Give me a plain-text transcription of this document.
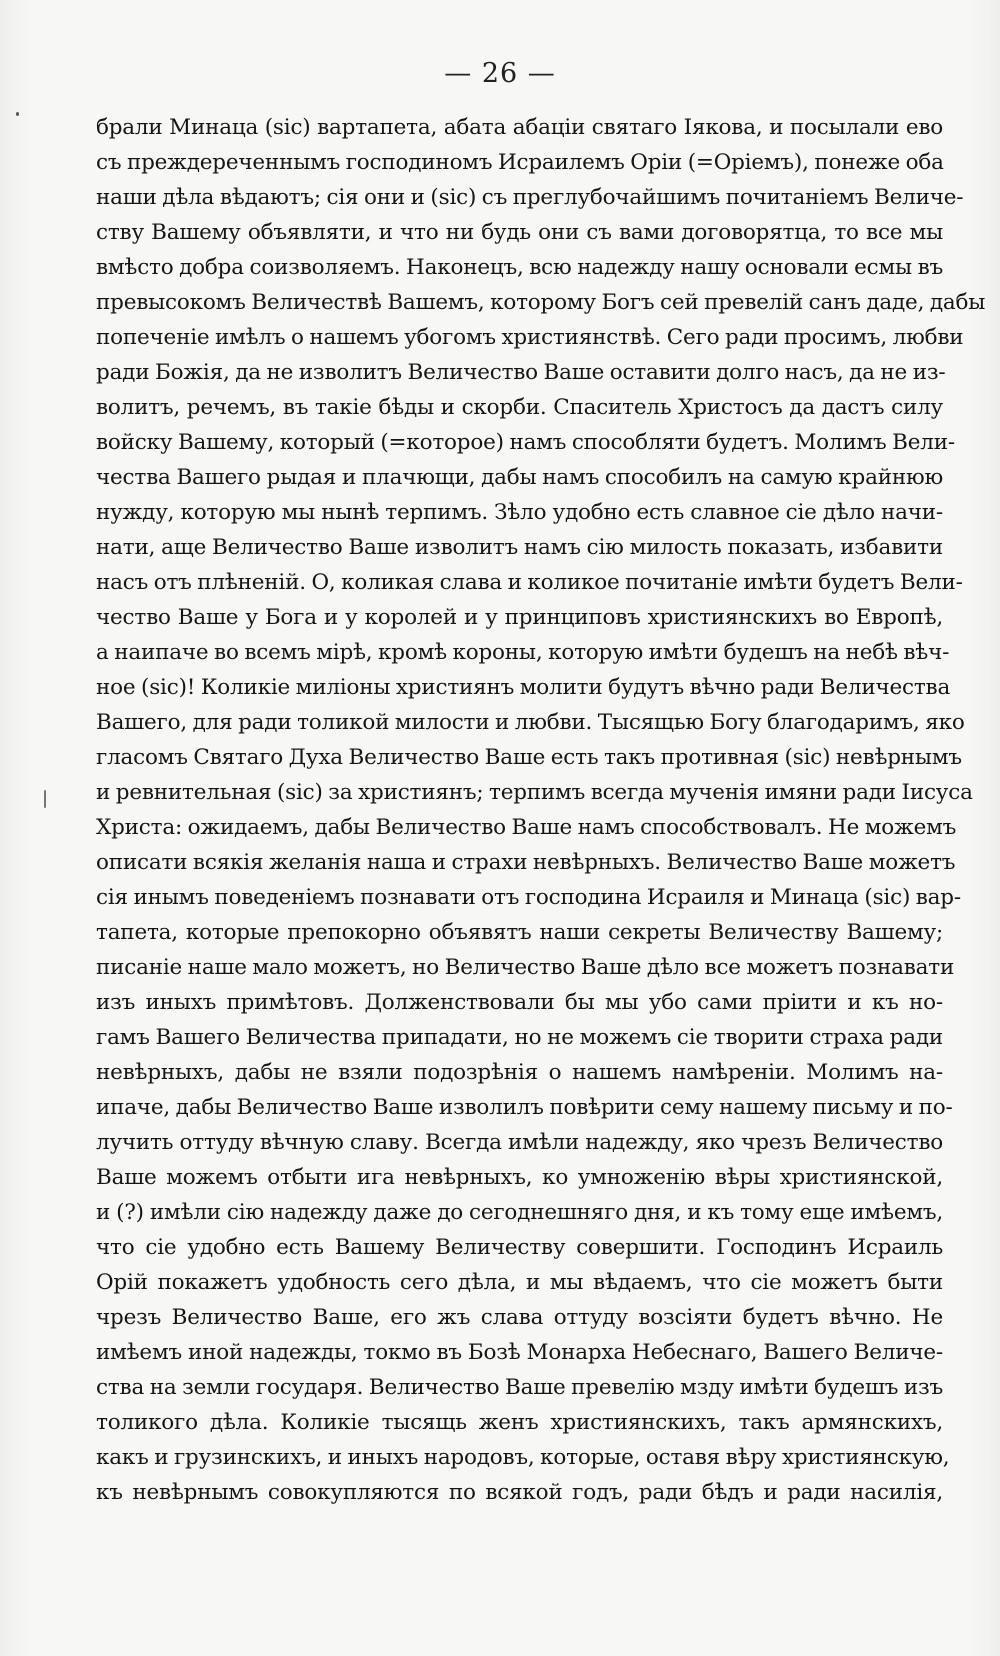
— 26 —
брали Минаца (sic) вартапета, абата абацiи святаго Iякова, и посылали ево
съ преждереченнымъ господиномъ Исраилемъ Орiи (=Орiемъ), понеже оба
наши дѣла вѣдаютъ; сiя они и (sic) съ преглубочайшимъ почитанiемъ Величе-
ству Вашему объявляти, и что ни будь они съ вами договорятца, то все мы
вмѣсто добра соизволяемъ. Наконецъ, всю надежду нашу основали есмы въ
превысокомъ Величествѣ Вашемъ, которому Богъ сей превелiй санъ даде, дабы
попеченiе имѣлъ о нашемъ убогомъ християнствѣ. Сего ради просимъ, любви
ради Божiя, да не изволитъ Величество Ваше оставити долго насъ, да не из-
волитъ, речемъ, въ такiе бѣды и скорби. Спаситель Христосъ да дастъ силу
войску Вашему, который (=которое) намъ способляти будетъ. Молимъ Вели-
чества Вашего рыдая и плачющи, дабы намъ способилъ на самую крайнюю
нужду, которую мы нынѣ терпимъ. Зѣло удобно есть славное сiе дѣло начи-
нати, аще Величество Ваше изволитъ намъ сiю милость показать, избавити
насъ отъ плѣненiй. О, коликая слава и коликое почитанiе имѣти будетъ Вели-
чество Ваше у Бога и у королей и у принциповъ християнскихъ во Европѣ,
а наипаче во всемъ мiрѣ, кромѣ короны, которую имѣти будешъ на небѣ вѣч-
ное (sic)! Коликiе милiоны християнъ молити будутъ вѣчно ради Величества
Вашего, для ради толикой милости и любви. Тысящью Богу благодаримъ, яко
гласомъ Святаго Духа Величество Ваше есть такъ противная (sic) невѣрнымъ
и ревнительная (sic) за християнъ; терпимъ всегда мученiя имяни ради Iисуса
Христа: ожидаемъ, дабы Величество Ваше намъ способствовалъ. Не можемъ
описати всякiя желанiя наша и страхи невѣрныхъ. Величество Ваше можетъ
сiя инымъ поведенiемъ познавати отъ господина Исраиля и Минаца (sic) вар-
тапета, которые препокорно объявятъ наши секреты Величеству Вашему;
писанiе наше мало можетъ, но Величество Ваше дѣло все можетъ познавати
изъ иныхъ примѣтовъ. Долженствовали бы мы убо сами прiити и къ но-
гамъ Вашего Величества припадати, но не можемъ сiе творити страха ради
невѣрныхъ, дабы не взяли подозрѣнiя о нашемъ намѣренiи. Молимъ на-
ипаче, дабы Величество Ваше изволилъ повѣрити сему нашему письму и по-
лучить оттуду вѣчную славу. Всегда имѣли надежду, яко чрезъ Величество
Ваше можемъ отбыти ига невѣрныхъ, ко умноженiю вѣры християнской,
и (?) имѣли сiю надежду даже до сегоднешняго дня, и къ тому еще имѣемъ,
что сiе удобно есть Вашему Величеству совершити. Господинъ Исраиль
Орiй покажетъ удобность сего дѣла, и мы вѣдаемъ, что сiе можетъ быти
чрезъ Величество Ваше, его жъ слава оттуду возсiяти будетъ вѣчно. Не
имѣемъ иной надежды, токмо въ Бозѣ Монарха Небеснаго, Вашего Величе-
ства на земли государя. Величество Ваше превелiю мзду имѣти будешъ изъ
толикого дѣла. Коликiе тысящь женъ християнскихъ, такъ армянскихъ,
какъ и грузинскихъ, и иныхъ народовъ, которые, оставя вѣру християнскую,
къ невѣрнымъ совокупляются по всякой годъ, ради бѣдъ и ради насилiя,
